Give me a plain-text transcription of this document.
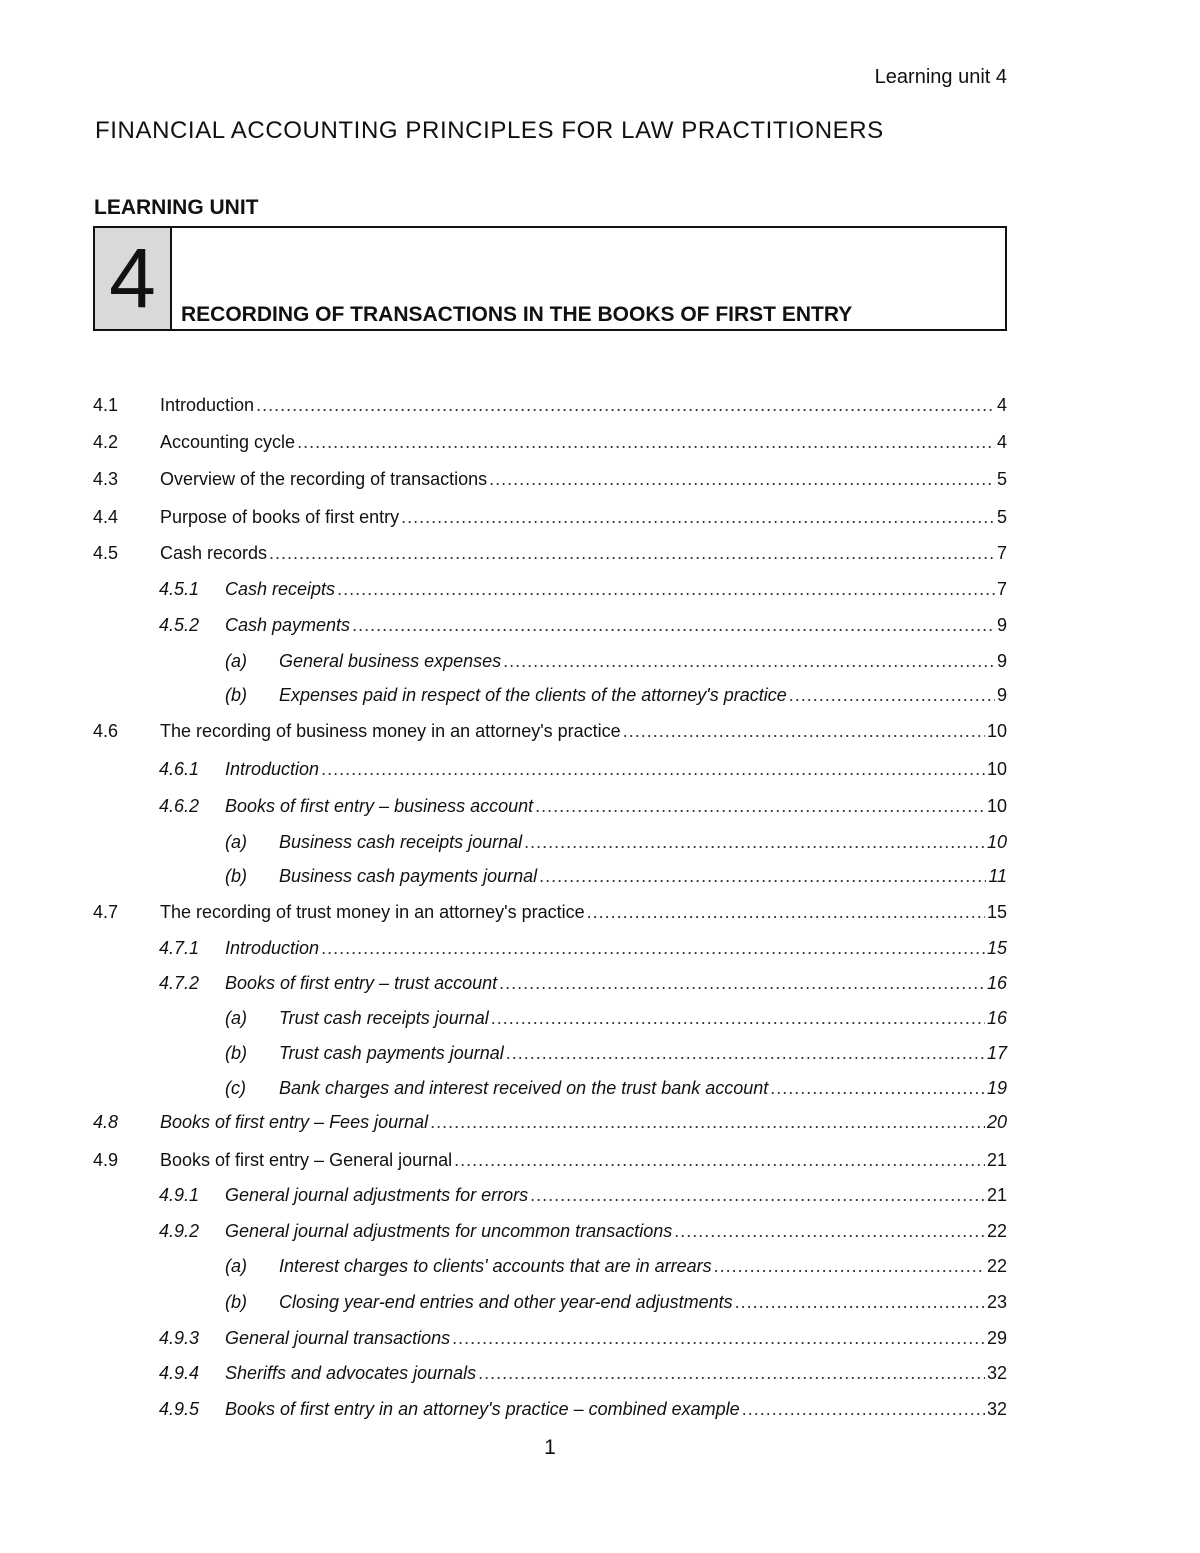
Learning unit 4
FINANCIAL ACCOUNTING PRINCIPLES FOR LAW PRACTITIONERS
LEARNING UNIT
4	RECORDING OF TRANSACTIONS IN THE BOOKS OF FIRST ENTRY
4.1 Introduction .....	4
4.2 Accounting cycle .....	4
4.3 Overview of the recording of transactions .....	5
4.4 Purpose of books of first entry .....	5
4.5 Cash records .....	7
4.5.1 Cash receipts .....	7
4.5.2 Cash payments .....	9
(a) General business expenses .....	9
(b) Expenses paid in respect of the clients of the attorney's practice .....	9
4.6 The recording of business money in an attorney's practice .....	10
4.6.1 Introduction .....	10
4.6.2 Books of first entry – business account .....	10
(a) Business cash receipts journal .....	10
(b) Business cash payments journal .....	11
4.7 The recording of trust money in an attorney's practice .....	15
4.7.1 Introduction .....	15
4.7.2 Books of first entry – trust account .....	16
(a) Trust cash receipts journal .....	16
(b) Trust cash payments journal .....	17
(c) Bank charges and interest received on the trust bank account .....	19
4.8 Books of first entry – Fees journal .....	20
4.9 Books of first entry – General journal .....	21
4.9.1 General journal adjustments for errors .....	21
4.9.2 General journal adjustments for uncommon transactions .....	22
(a) Interest charges to clients' accounts that are in arrears .....	22
(b) Closing year-end entries and other year-end adjustments .....	23
4.9.3 General journal transactions .....	29
4.9.4 Sheriffs and advocates journals .....	32
4.9.5 Books of first entry in an attorney's practice – combined example .....	32
1
